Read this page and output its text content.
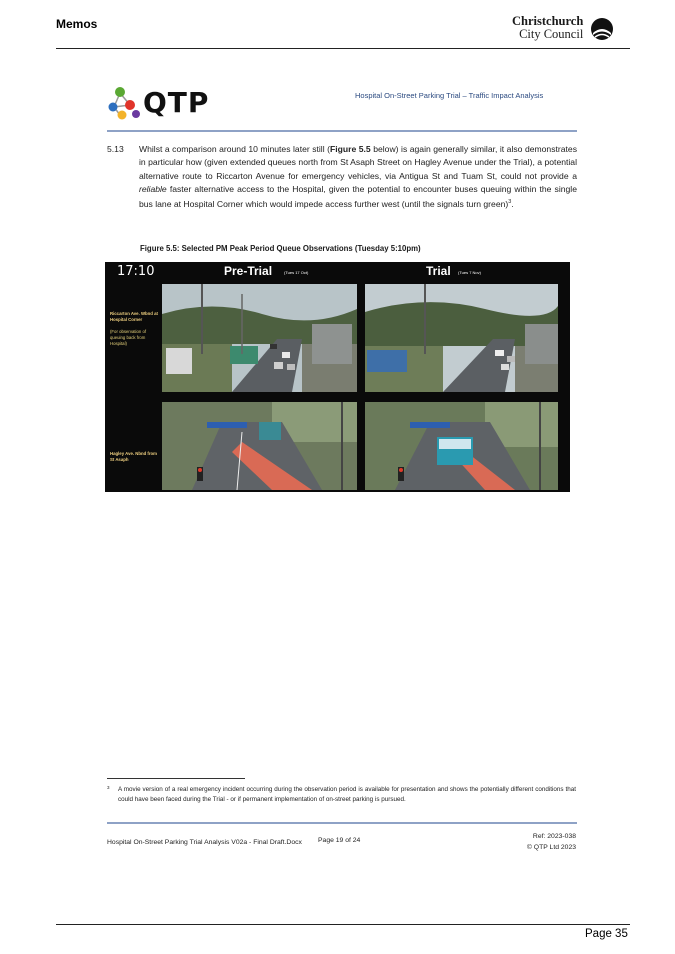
Memos	Christchurch
City Council
QTP	Hospital On-Street Parking Trial – Traffic Impact Analysis
5.13 Whilst a comparison around 10 minutes later still (Figure 5.5 below) is again generally similar, it also demonstrates in particular how (given extended queues north from St Asaph Street on Hagley Avenue under the Trial), a potential alternative route to Riccarton Avenue for emergency vehicles, via Antigua St and Tuam St, could not provide a reliable faster alternative access to the Hospital, given the potential to encounter buses queuing within the single bus lane at Hospital Corner which would impede access further west (until the signals turn green)$^3$.
Figure 5.5: Selected PM Peak Period Queue Observations (Tuesday 5:10pm)
17:10	Pre-Trial	(Tues 17 Oct)	Trial (Tues 7 Nov)
Riccarton Ave. Wbnd at Hospital Corner
(For observation of queuing back from Hospital)
Hagley Ave. Nbnd from St Asaph
3 A movie version of a real emergency incident occurring during the observation period is available for presentation and shows the potentially different conditions that could have been faced during the Trial - or if permanent implementation of on-street parking is pursued.
Hospital On-Street Parking Trial Analysis V02a - Final Draft.Docx	Page 19 of 24
Ref: 2023-038
© QTP Ltd 2023
Page 35
